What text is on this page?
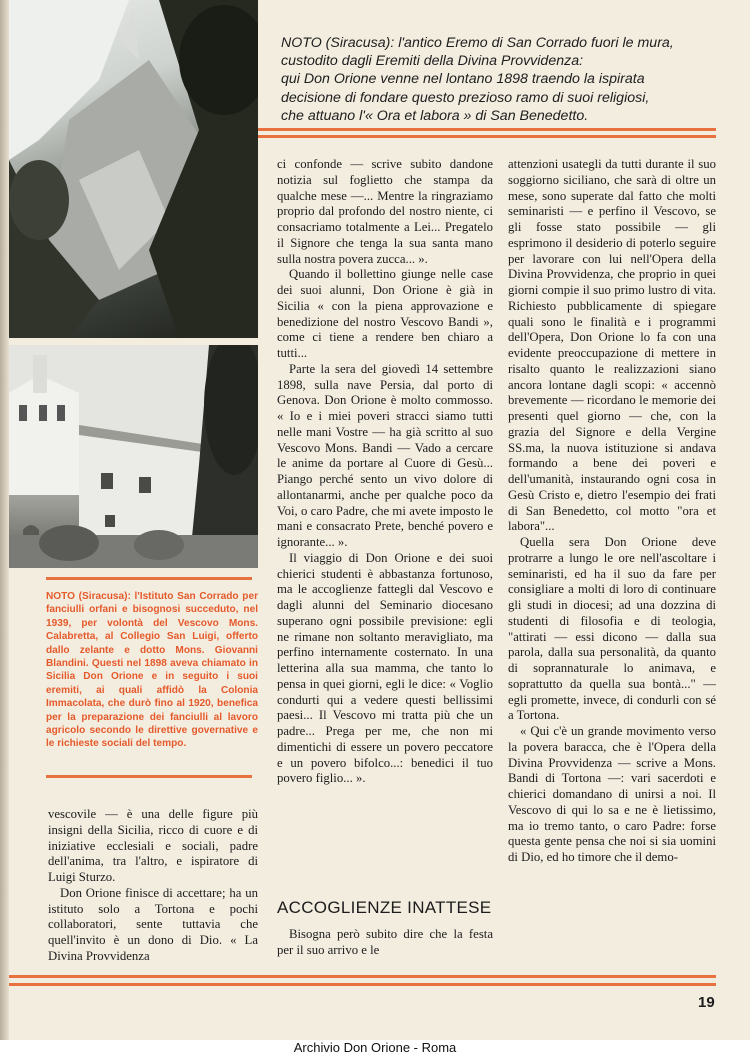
NOTO (Siracusa): l'antico Eremo di San Corrado fuori le mura,
custodito dagli Eremiti della Divina Provvidenza:
qui Don Orione venne nel lontano 1898 traendo la ispirata
decisione di fondare questo prezioso ramo di suoi religiosi,
che attuano l'« Ora et labora » di San Benedetto.
NOTO (Siracusa): l'Istituto San Corrado per fanciulli orfani e bisognosi succeduto, nel 1939, per volontà del Vescovo Mons. Calabretta, al Collegio San Luigi, offerto dallo zelante e dotto Mons. Giovanni Blandini. Questi nel 1898 aveva chiamato in Sicilia Don Orione e in seguito i suoi eremiti, ai quali affidò la Colonia Immacolata, che durò fino al 1920, benefica per la preparazione dei fanciulli al lavoro agricolo secondo le direttive governative e le richieste sociali del tempo.

vescovile — è una delle figure più insigni della Sicilia, ricco di cuore e di iniziative ecclesiali e sociali, padre dell'anima, tra l'altro, e ispiratore di Luigi Sturzo.

Don Orione finisce di accettare; ha un istituto solo a Tortona e pochi collaboratori, sente tuttavia che quell'invito è un dono di Dio. « La Divina Provvidenza

ci confonde — scrive subito dandone notizia sul foglietto che stampa da qualche mese —... Mentre la ringraziamo proprio dal profondo del nostro niente, ci consacriamo totalmente a Lei... Pregatelo il Signore che tenga la sua santa mano sulla nostra povera zucca... ».

Quando il bollettino giunge nelle case dei suoi alunni, Don Orione è già in Sicilia « con la piena approvazione e benedizione del nostro Vescovo Bandi », come ci tiene a rendere ben chiaro a tutti...

Parte la sera del giovedì 14 settembre 1898, sulla nave Persia, dal porto di Genova. Don Orione è molto commosso. « Io e i miei poveri stracci siamo tutti nelle mani Vostre — ha già scritto al suo Vescovo Mons. Bandi — Vado a cercare le anime da portare al Cuore di Gesù... Piango perché sento un vivo dolore di allontanarmi, anche per qualche poco da Voi, o caro Padre, che mi avete imposto le mani e consacrato Prete, benché povero e ignorante... ».

Il viaggio di Don Orione e dei suoi chierici studenti è abbastanza fortunoso, ma le accoglienze fattegli dal Vescovo e dagli alunni del Seminario diocesano superano ogni possibile previsione: egli ne rimane non soltanto meravigliato, ma perfino internamente costernato. In una letterina alla sua mamma, che tanto lo pensa in quei giorni, egli le dice: « Voglio condurti qui a vedere questi bellissimi paesi... Il Vescovo mi tratta più che un padre... Prega per me, che non mi dimentichi di essere un povero peccatore e un povero bifolco...: benedici il tuo povero figlio... ».

ACCOGLIENZE INATTESE

Bisogna però subito dire che la festa per il suo arrivo e le

attenzioni usategli da tutti durante il suo soggiorno siciliano, che sarà di oltre un mese, sono superate dal fatto che molti seminaristi — e perfino il Vescovo, se gli fosse stato possibile — gli esprimono il desiderio di poterlo seguire per lavorare con lui nell'Opera della Divina Provvidenza, che proprio in quei giorni compie il suo primo lustro di vita. Richiesto pubblicamente di spiegare quali sono le finalità e i programmi dell'Opera, Don Orione lo fa con una evidente preoccupazione di mettere in risalto quanto le realizzazioni siano ancora lontane dagli scopi: « accennò brevemente — ricordano le memorie dei presenti quel giorno — che, con la grazia del Signore e della Vergine SS.ma, la nuova istituzione si andava formando a bene dei poveri e dell'umanità, instaurando ogni cosa in Gesù Cristo e, dietro l'esempio dei frati di San Benedetto, col motto "ora et labora"...

Quella sera Don Orione deve protrarre a lungo le ore nell'ascoltare i seminaristi, ed ha il suo da fare per consigliare a molti di loro di continuare gli studi in diocesi; ad una dozzina di studenti di filosofia e di teologia, "attirati — essi dicono — dalla sua parola, dalla sua personalità, da quanto di soprannaturale lo animava, e soprattutto da quella sua bontà..." — egli promette, invece, di condurli con sé a Tortona.

« Qui c'è un grande movimento verso la povera baracca, che è l'Opera della Divina Provvidenza — scrive a Mons. Bandi di Tortona —: vari sacerdoti e chierici domandano di unirsi a noi. Il Vescovo di qui lo sa e ne è lietissimo, ma io tremo tanto, o caro Padre: forse questa gente pensa che noi si sia uomini di Dio, ed ho timore che il demo-

19
Archivio Don Orione - Roma
